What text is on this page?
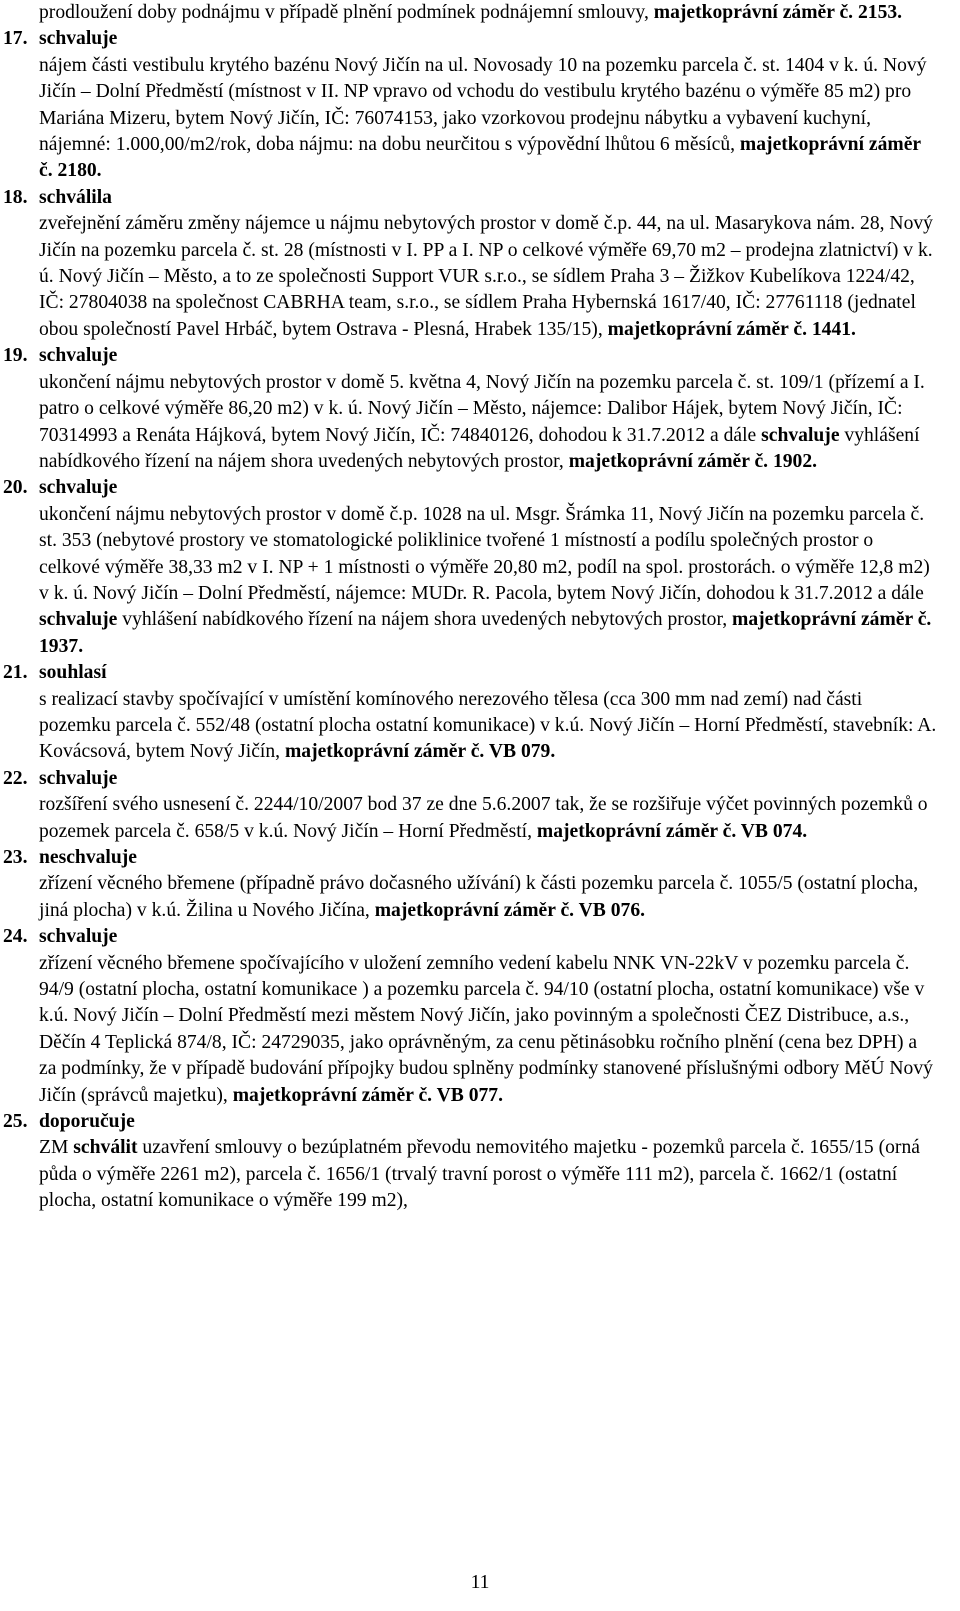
prodloužení doby podnájmu v případě plnění podmínek podnájemní smlouvy, majetkoprávní záměr č. 2153.

17. schvaluje

nájem části vestibulu krytého bazénu Nový Jičín na ul. Novosady 10 na pozemku parcela č. st. 1404 v k. ú. Nový Jičín – Dolní Předměstí (místnost v II. NP vpravo od vchodu do vestibulu krytého bazénu o výměře 85 m2) pro Mariána Mizeru, bytem Nový Jičín, IČ: 76074153, jako vzorkovou prodejnu nábytku a vybavení kuchyní, nájemné: 1.000,00/m2/rok, doba nájmu: na dobu neurčitou s výpovědní lhůtou 6 měsíců, majetkoprávní záměr č. 2180.

18. schválila

zveřejnění záměru změny nájemce u nájmu nebytových prostor v domě č.p. 44, na ul. Masarykova nám. 28, Nový Jičín na pozemku parcela č. st. 28 (místnosti v I. PP a I. NP o celkové výměře 69,70 m2 – prodejna zlatnictví) v k. ú. Nový Jičín – Město, a to ze společnosti Support VUR s.r.o., se sídlem Praha 3 – Žižkov Kubelíkova 1224/42, IČ: 27804038 na společnost CABRHA team, s.r.o., se sídlem Praha Hybernská 1617/40, IČ: 27761118 (jednatel obou společností Pavel Hrbáč, bytem Ostrava - Plesná, Hrabek 135/15), majetkoprávní záměr č. 1441.

19. schvaluje

ukončení nájmu nebytových prostor v domě 5. května 4, Nový Jičín na pozemku parcela č. st. 109/1 (přízemí a I. patro o celkové výměře 86,20 m2) v k. ú. Nový Jičín – Město, nájemce: Dalibor Hájek, bytem Nový Jičín, IČ: 70314993 a Renáta Hájková, bytem Nový Jičín, IČ: 74840126, dohodou k 31.7.2012 a dále schvaluje vyhlášení nabídkového řízení na nájem shora uvedených nebytových prostor, majetkoprávní záměr č. 1902.

20. schvaluje

ukončení nájmu nebytových prostor v domě č.p. 1028 na ul. Msgr. Šrámka 11, Nový Jičín na pozemku parcela č. st. 353 (nebytové prostory ve stomatologické poliklinice tvořené 1 místností a podílu společných prostor o celkové výměře 38,33 m2 v I. NP + 1 místnosti o výměře 20,80 m2, podíl na spol. prostorách. o výměře 12,8 m2) v k. ú. Nový Jičín – Dolní Předměstí, nájemce: MUDr. R. Pacola, bytem Nový Jičín, dohodou k 31.7.2012 a dále schvaluje vyhlášení nabídkového řízení na nájem shora uvedených nebytových prostor, majetkoprávní záměr č. 1937.

21. souhlasí

s realizací stavby spočívající v umístění komínového nerezového tělesa (cca 300 mm nad zemí) nad části pozemku parcela č. 552/48 (ostatní plocha ostatní komunikace) v k.ú. Nový Jičín – Horní Předměstí, stavebník: A. Kovácsová, bytem Nový Jičín, majetkoprávní záměr č. VB 079.

22. schvaluje

rozšíření svého usnesení č. 2244/10/2007 bod 37 ze dne 5.6.2007 tak, že se rozšiřuje výčet povinných pozemků o pozemek parcela č. 658/5 v k.ú. Nový Jičín – Horní Předměstí, majetkoprávní záměr č. VB 074.

23. neschvaluje

zřízení věcného břemene (případně právo dočasného užívání) k části pozemku parcela č. 1055/5 (ostatní plocha, jiná plocha) v k.ú. Žilina u Nového Jičína, majetkoprávní záměr č. VB 076.

24. schvaluje

zřízení věcného břemene spočívajícího v uložení zemního vedení kabelu NNK VN-22kV v pozemku parcela č. 94/9 (ostatní plocha, ostatní komunikace ) a pozemku parcela č. 94/10 (ostatní plocha, ostatní komunikace) vše v k.ú. Nový Jičín – Dolní Předměstí mezi městem Nový Jičín, jako povinným a společnosti ČEZ Distribuce, a.s., Děčín 4 Teplická 874/8, IČ: 24729035, jako oprávněným, za cenu pětinásobku ročního plnění (cena bez DPH) a za podmínky, že v případě budování přípojky budou splněny podmínky stanovené příslušnými odbory MěÚ Nový Jičín (správců majetku), majetkoprávní záměr č. VB 077.

25. doporučuje

ZM schválit uzavření smlouvy o bezúplatném převodu nemovitého majetku - pozemků parcela č. 1655/15 (orná půda o výměře 2261 m2), parcela č. 1656/1 (trvalý travní porost o výměře 111 m2), parcela č. 1662/1 (ostatní plocha, ostatní komunikace o výměře 199 m2),

11
